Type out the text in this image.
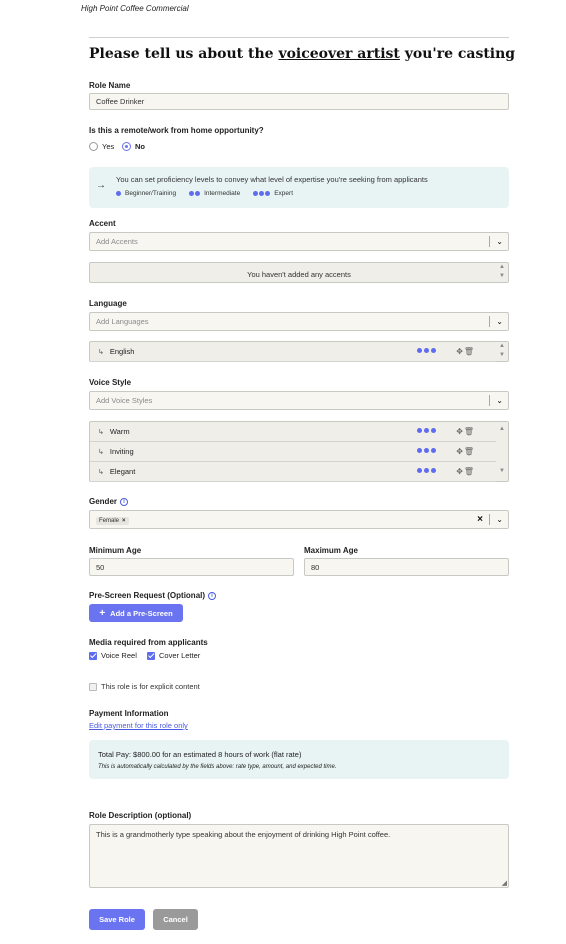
High Point Coffee Commercial
Please tell us about the voiceover artist you're casting
Role Name
Coffee Drinker
Is this a remote/work from home opportunity?
Yes	No
→
You can set proficiency levels to convey what level of expertise you're seeking from applicants
Beginner/Training	Intermediate	Expert
Accent
Add Accents	⌄
You haven't added any accents
▲
▼
Language
Add Languages	⌄
↳ English	✥ 🗑
▲
▼
Voice Style
Add Voice Styles	⌄
↳ Warm	✥ 🗑
↳ Inviting	✥ 🗑
↳ Elegant	✥ 🗑
▲
▼
Gender i
Female ×	× ⌄
Minimum Age
50
Maximum Age
80
Pre-Screen Request (Optional) i
+ Add a Pre-Screen
Media required from applicants
Voice Reel	Cover Letter
This role is for explicit content
Payment Information
Edit payment for this role only
Total Pay: $800.00 for an estimated 8 hours of work (flat rate)
This is automatically calculated by the fields above: rate type, amount, and expected time.
Role Description (optional)
This is a grandmotherly type speaking about the enjoyment of drinking High Point coffee.
◢
Save Role	Cancel
